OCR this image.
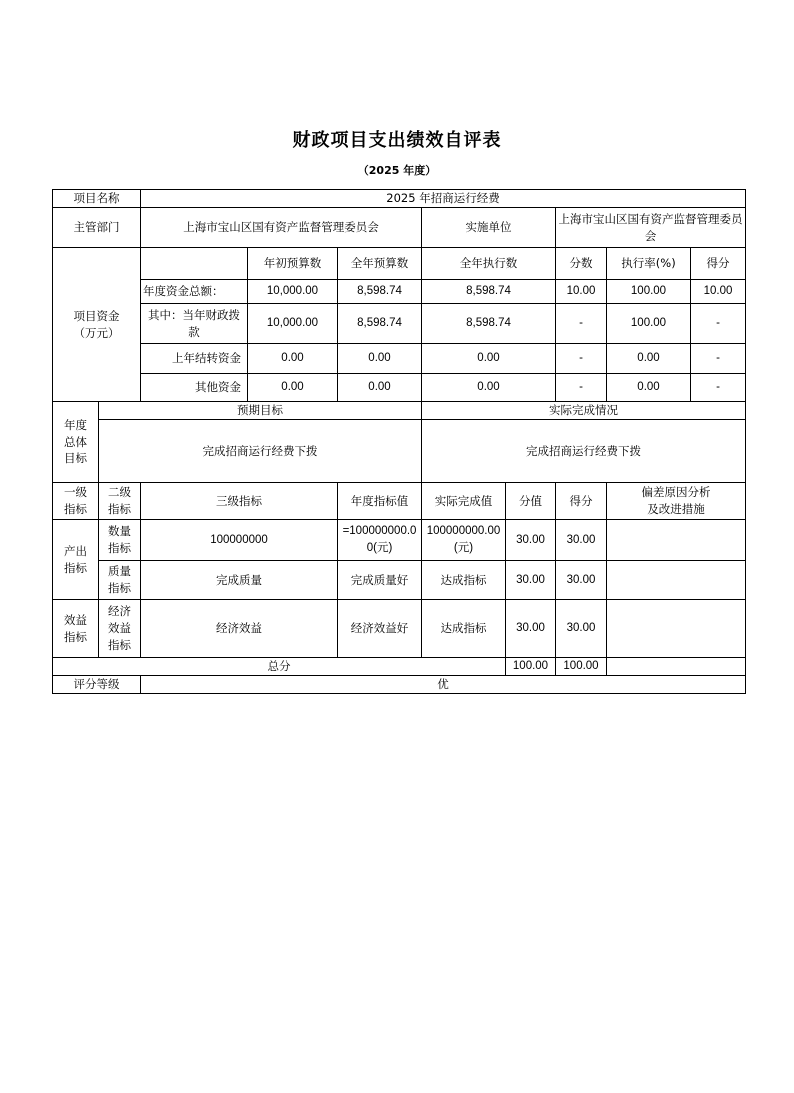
财政项目支出绩效自评表
（2025 年度）
项目名称		2025 年招商运行经费							
主管部门		上海市宝山区国有资产监督管理委员会			实施单位		上海市宝山区国有资产监督管理委员会		
项目资金（万元）			年初预算数	全年预算数	全年执行数		分数	执行率(%)	得分
		年度资金总额：	10,000.00	8,598.74	8,598.74		10.00	100.00	10.00
		其中：当年财政拨款	10,000.00	8,598.74	8,598.74		-	100.00	-
		上年结转资金	0.00	0.00	0.00		-	0.00	-
		其他资金	0.00	0.00	0.00		-	0.00	-
年度总体目标	预期目标				实际完成情况				
	完成招商运行经费下拨				完成招商运行经费下拨				
一级指标	二级指标	三级指标		年度指标值	实际完成值	分值	得分	偏差原因分析及改进措施	
产出指标	数量指标	100000000		=100000000.00(元)	100000000.00(元)	30.00	30.00		
	质量指标	完成质量		完成质量好	达成指标	30.00	30.00		
效益指标	经济效益指标	经济效益		经济效益好	达成指标	30.00	30.00		
总分						100.00	100.00		
评分等级		优							
